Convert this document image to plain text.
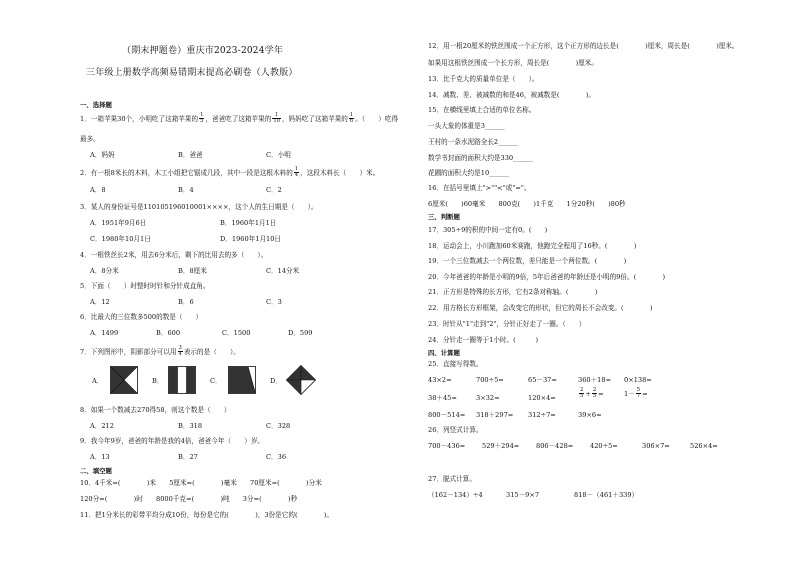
（期末押题卷）重庆市2023-2024学年
三年级上册数学高频易错期末提高必刷卷（人教版）
一、选择题
1．一箱苹果30个，小明吃了这箱苹果的 $\frac{1}{5}$ ，爸爸吃了这箱苹果的 $\frac{1}{10}$ ，妈妈吃了这箱苹果的 $\frac{1}{6}$ 。（　　）吃得
最多。
A．妈妈	B．爸爸	C．小明
2．有一根8米长的木料，木工小组把它锯成几段，其中一段是这根木料的 $\frac{1}{4}$ ，这段木料长（　　）米。
A．8	B．4	C．2
3．某人的身份证号是110105196010001××××，这个人的生日期是（　　）。
A．1951年9月6日	B．1960年1月1日
C．1980年10月1日	D．1960年1月10日
4．一根铁丝长2米，用去6分米后，剩下的比用去的多（　　）。
A．8分米	B．8厘米	C．14分米
5．下面（　　）时整时时针和分针成直角。
A．12	B．6	C．3
6．比最大的三位数多500的数是（　　）
A．1499	B．600	C．1500	D．599
7．下列图形中，阴影部分可以用 $\frac{3}{4}$ 表示的是（　　）。
A．	B．	C．	D．
8．如果一个数减去270得58，则这个数是（　　）
A．212	B．318	C．328
9．我今年9岁，爸爸的年龄是我的4倍，爸爸今年（　　）岁。
A．13	B．27	C．36
二、填空题
10．4千米=(　　　　)米　　5厘米=(　　　　)毫米　　70厘米=(　　　　)分米
120分=(　　　　)时　　8000千克=(　　　　)吨　　3分=(　　　　)秒
11．把1分米长的彩带平均分成10份，每份是它的(　　　　)，3份是它的(　　　　)。
12．用一根20厘米的铁丝围成一个正方形，这个正方形的边长是(　　　　)厘米，周长是(　　　　)厘米。
如果用这根铁丝围成一个长方形，周长是(　　　　)厘米。
13．比千克大的质量单位是（　　）。
14．减数、差、被减数的和是46，被减数是(　　　　)。
15．在横线里填上合适的单位名称。
一头大象的体重是3______
王村的一条水泥路全长2______
数学书封面的面积大约是330______
花圃的面积大约是10______
16．在括号里填上">""<"或"="。
6厘米(　　)60毫米　　800克(　　)1千克　　1分20秒(　　)80秒
三、判断题
17．305÷9的积的中间一定有0。(　　)
18．运动会上，小川跑加60米赛跑，他跑完全程用了16秒。(　　　　)
19．一个三位数减去一个两位数，差只能是一个两位数。(　　　　)
20．今年爸爸的年龄是小明的9倍，5年后爸爸的年龄还是小明的9倍。(　　　　)
21．正方形是特殊的长方形，它有2条对称轴。(　　　　)
22．用方格长方形框架，会改变它的形状，但它的周长不会改变。(　　　　)
23．时针从"1"走到"2"，分针正好走了一圈。（　　）
24．分针走一圈等于1小时。(　　　)
四、计算题
25．直接写得数。
43×2=	700÷5=	65－37=	360＋18= 0×138=
38＋45=	3×32=	120×4=	$\frac{2}{5} + \frac{2}{5}$ =	$1- \frac{5}{7}$ =
800－514= 318＋297= 312÷7=	39×6=
26．列竖式计算。
700－436=	529＋294=	806－428=	420÷5=	306×7=	526×4=
27．脱式计算。
（162－134）÷4	315－9×7	818－（461＋339）
